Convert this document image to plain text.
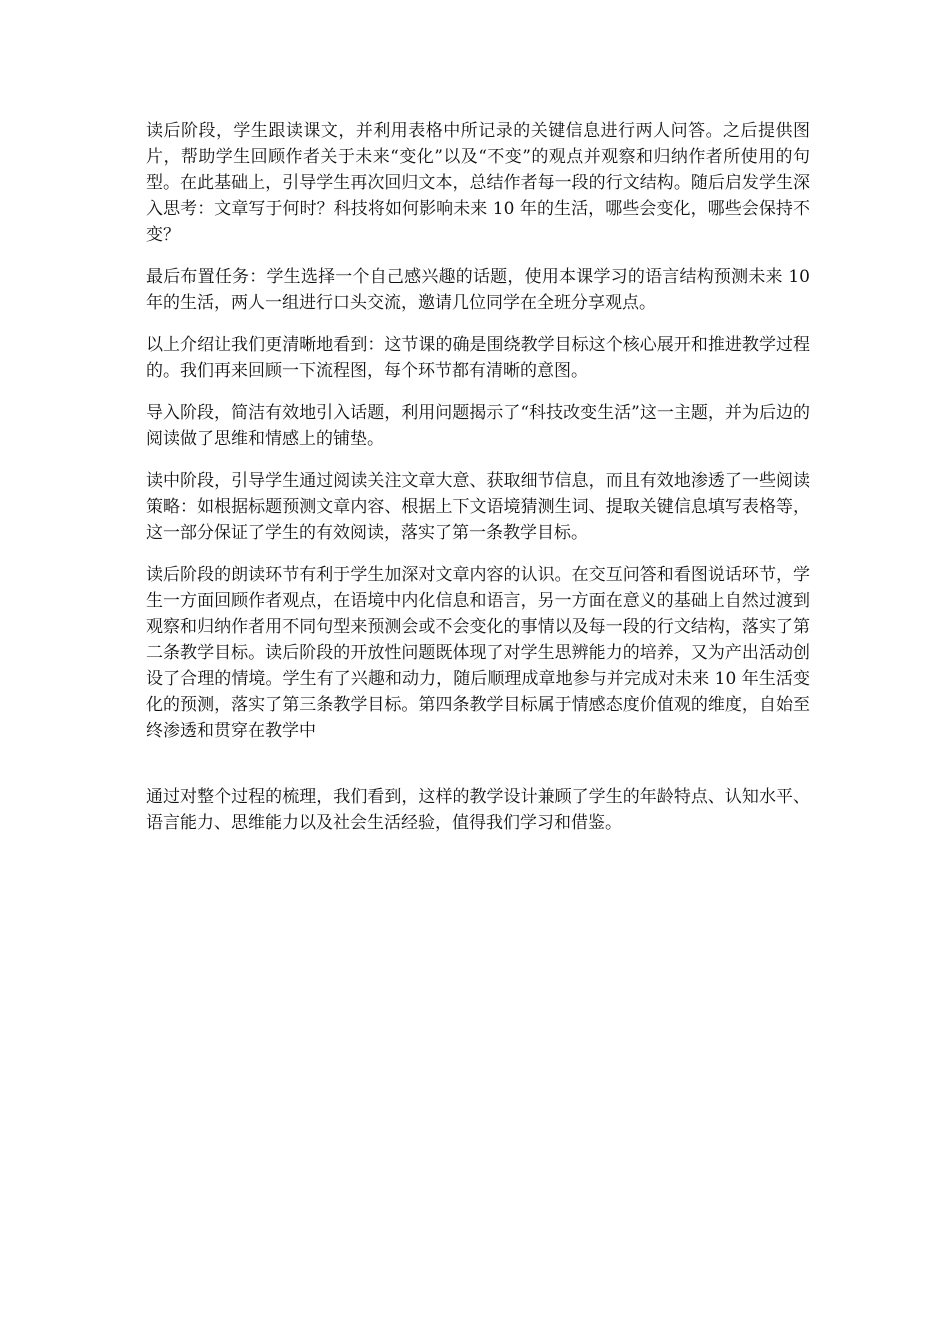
读后阶段，学生跟读课文，并利用表格中所记录的关键信息进行两人问答。之后提供图片，帮助学生回顾作者关于未来“变化”以及“不变”的观点并观察和归纳作者所使用的句型。在此基础上，引导学生再次回归文本，总结作者每一段的行文结构。随后启发学生深入思考：文章写于何时？科技将如何影响未来 10 年的生活，哪些会变化，哪些会保持不变？

最后布置任务：学生选择一个自己感兴趣的话题，使用本课学习的语言结构预测未来 10 年的生活，两人一组进行口头交流，邀请几位同学在全班分享观点。

以上介绍让我们更清晰地看到：这节课的确是围绕教学目标这个核心展开和推进教学过程的。我们再来回顾一下流程图，每个环节都有清晰的意图。

导入阶段，简洁有效地引入话题，利用问题揭示了“科技改变生活”这一主题，并为后边的阅读做了思维和情感上的铺垫。

读中阶段，引导学生通过阅读关注文章大意、获取细节信息，而且有效地渗透了一些阅读策略：如根据标题预测文章内容、根据上下文语境猜测生词、提取关键信息填写表格等，这一部分保证了学生的有效阅读，落实了第一条教学目标。

读后阶段的朗读环节有利于学生加深对文章内容的认识。在交互问答和看图说话环节，学生一方面回顾作者观点，在语境中内化信息和语言，另一方面在意义的基础上自然过渡到观察和归纳作者用不同句型来预测会或不会变化的事情以及每一段的行文结构，落实了第二条教学目标。读后阶段的开放性问题既体现了对学生思辨能力的培养，又为产出活动创设了合理的情境。学生有了兴趣和动力，随后顺理成章地参与并完成对未来 10 年生活变化的预测，落实了第三条教学目标。第四条教学目标属于情感态度价值观的维度，自始至终渗透和贯穿在教学中

通过对整个过程的梳理，我们看到，这样的教学设计兼顾了学生的年龄特点、认知水平、语言能力、思维能力以及社会生活经验，值得我们学习和借鉴。
